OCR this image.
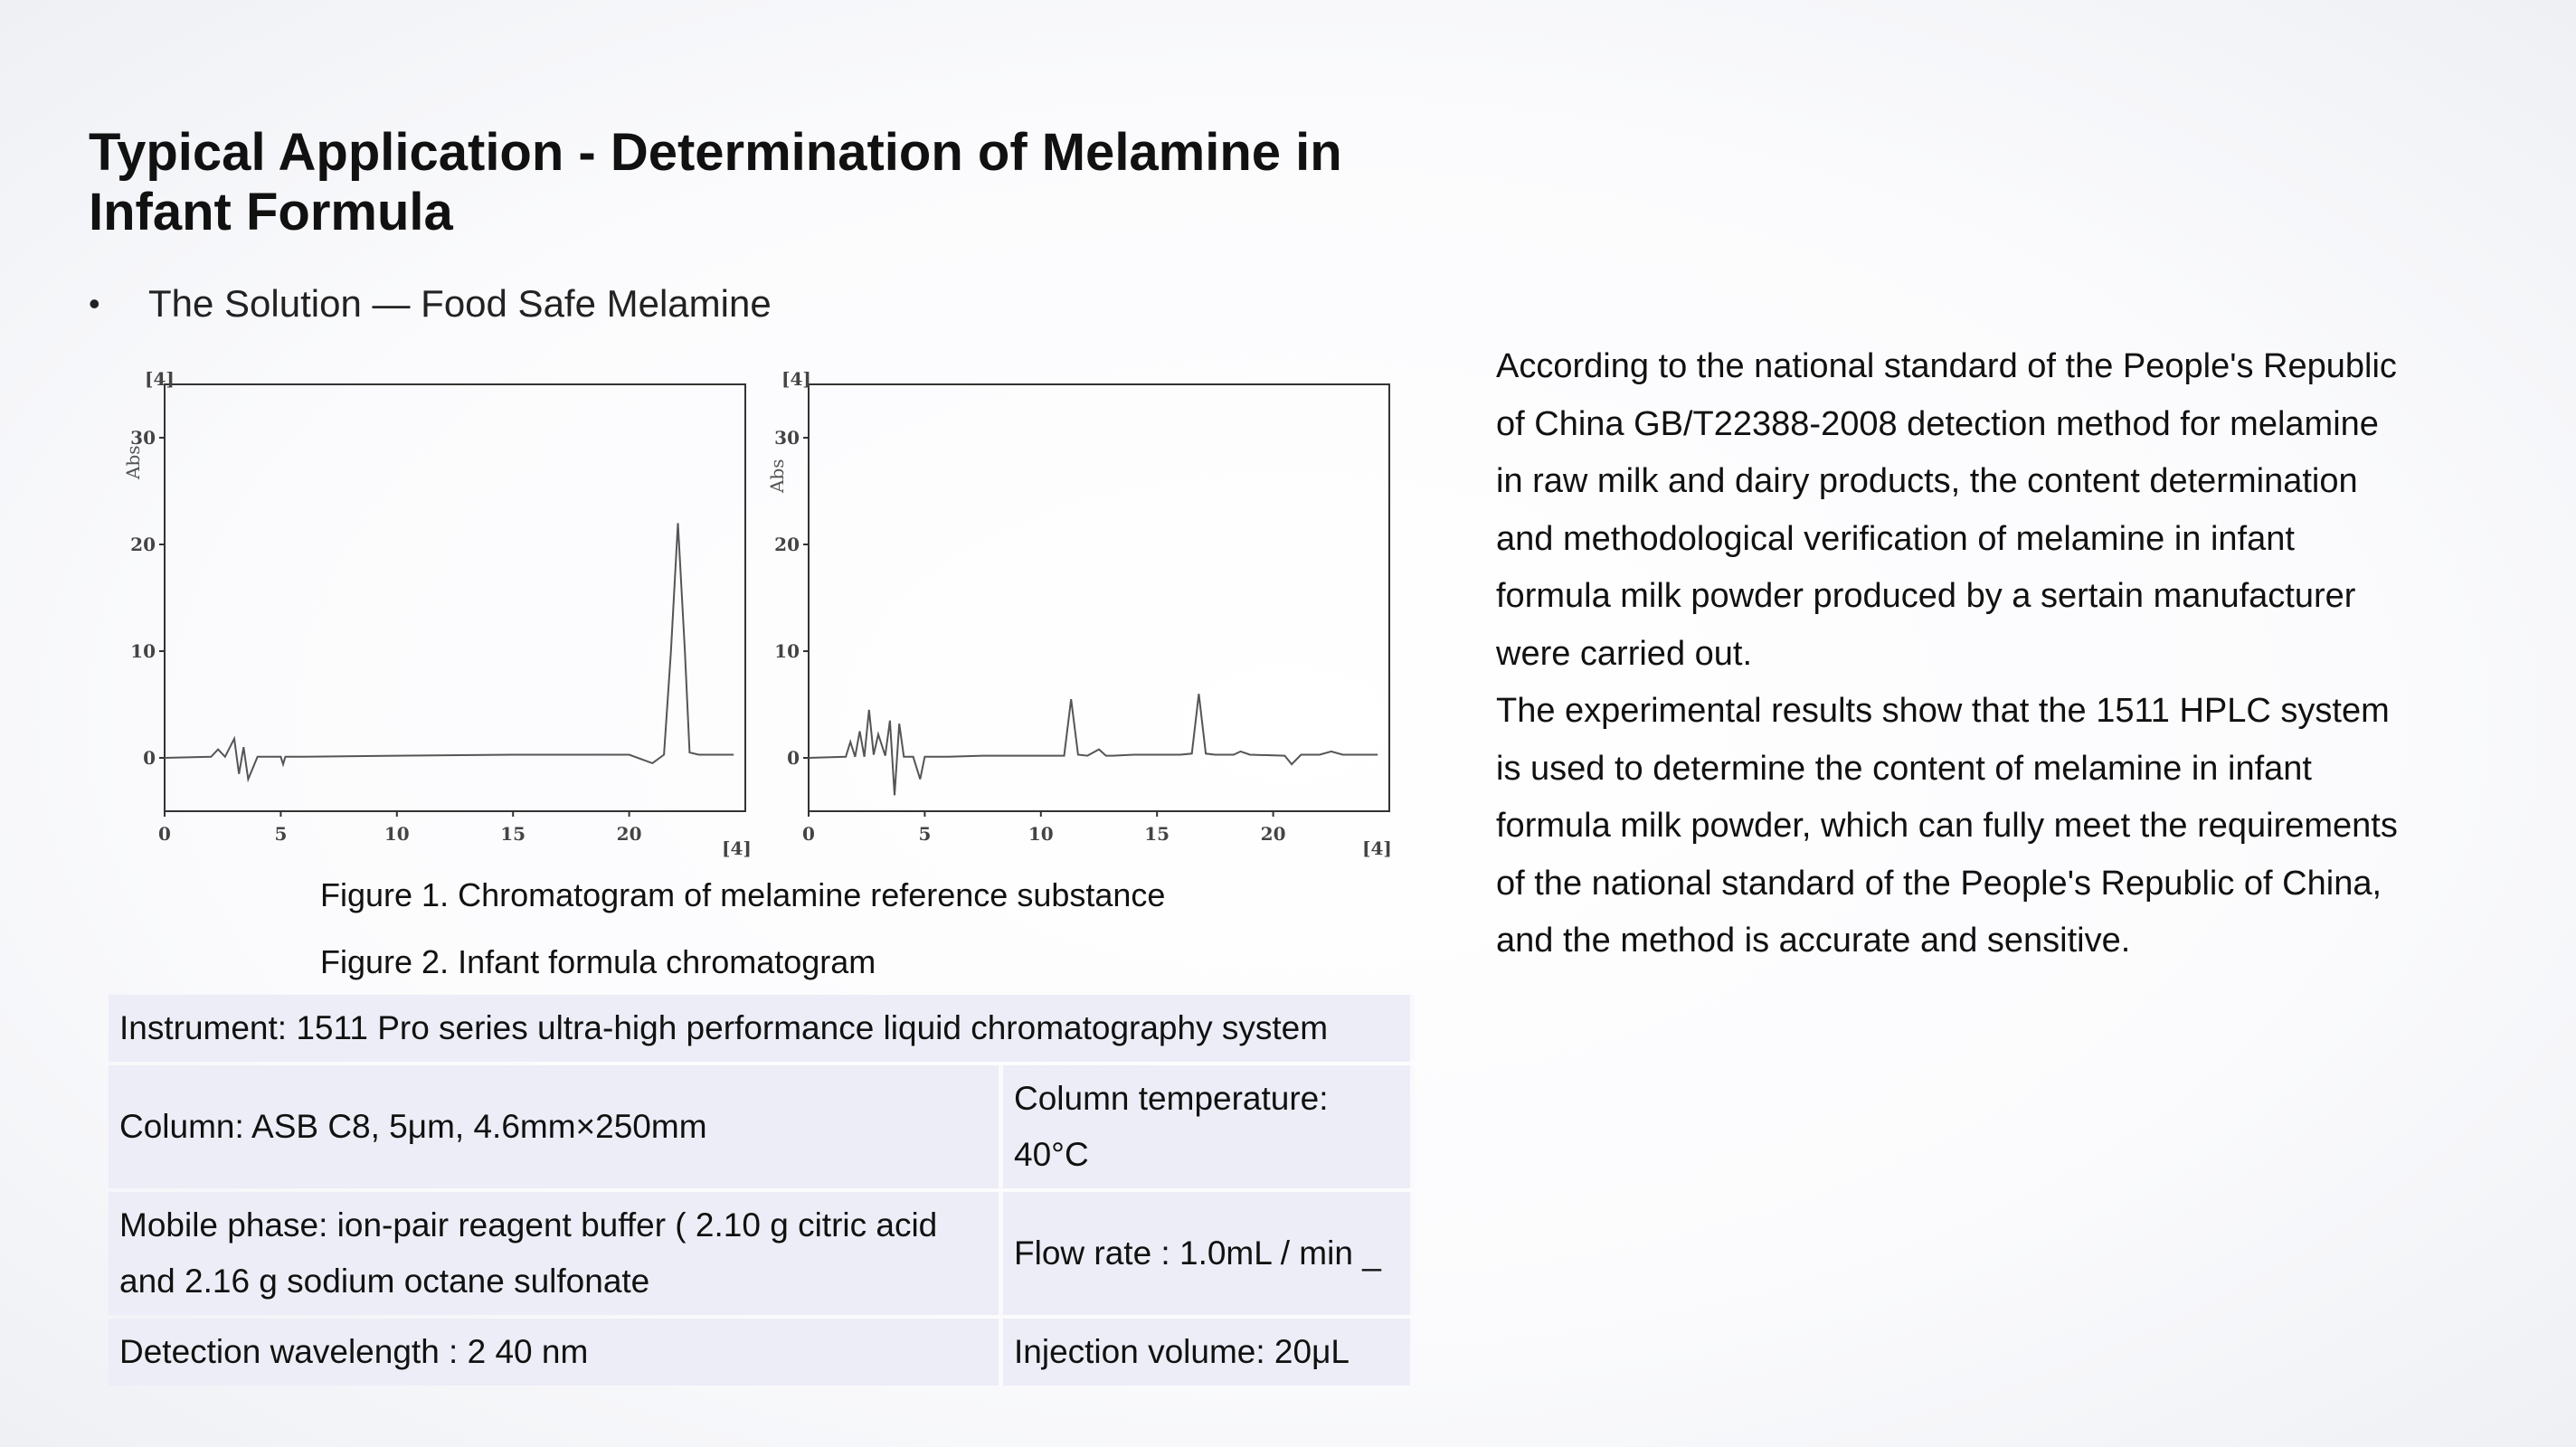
Typical Application - Determination of Melamine in Infant Formula
•	The Solution — Food Safe Melamine
[4]
[4]
Abs
0
10
20
30
0	5	10	15	20
[4]
[4]
Abs
0
10
20
30
0	5	10	15	20
Figure 1. Chromatogram of melamine reference substance
Figure 2. Infant formula chromatogram
Instrument: 1511 Pro series ultra-high performance liquid chromatography system	
Column: ASB C8, 5μm, 4.6mm×250mm	Column temperature:
40°C

Mobile phase: ion-pair reagent buffer ( 2.10 g citric acid
and 2.16 g sodium octane sulfonate	Flow rate : 1.0mL / min _
Detection wavelength : 2 40 nm	Injection volume: 20μL

According to the national standard of the People's Republic of China GB/T22388-2008 detection method for melamine in raw milk and dairy products, the content determination and methodological verification of melamine in infant formula milk powder produced by a sertain manufacturer were carried out.

The experimental results show that the 1511 HPLC system is used to determine the content of melamine in infant formula milk powder, which can fully meet the requirements of the national standard of the People's Republic of China, and the method is accurate and sensitive.
